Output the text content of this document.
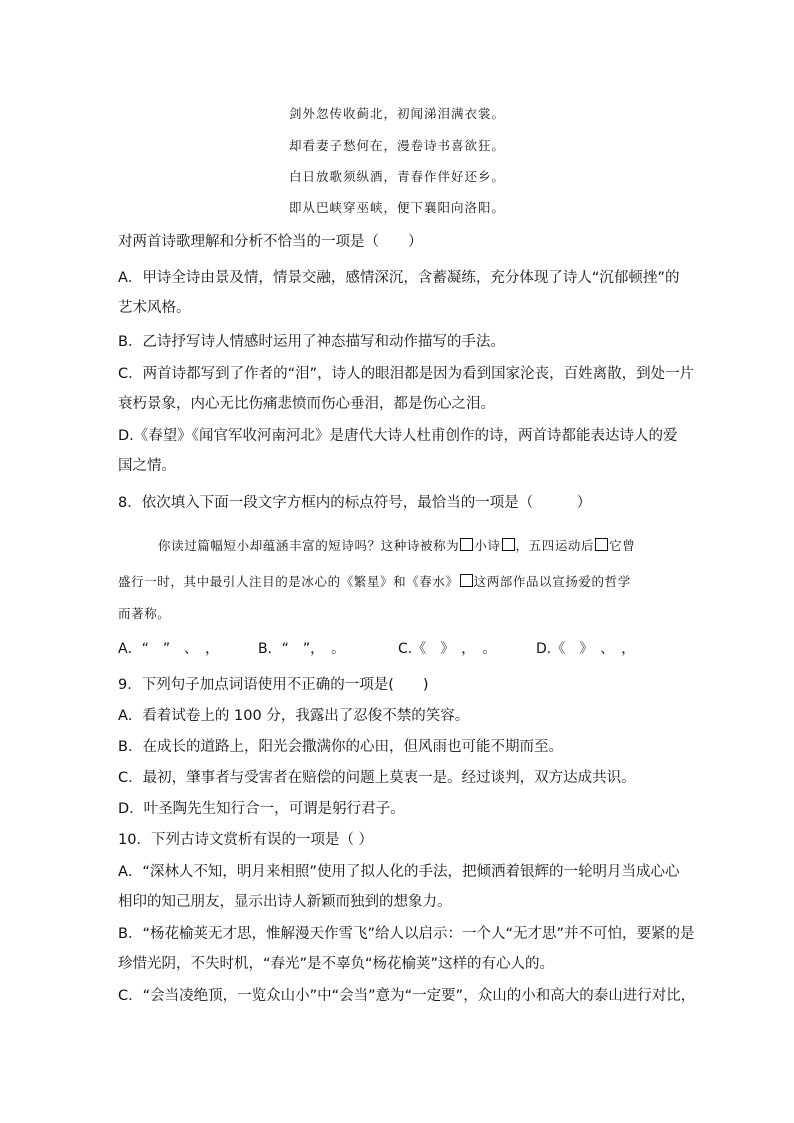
剑外忽传收蓟北，初闻涕泪满衣裳。
却看妻子愁何在，漫卷诗书喜欲狂。
白日放歌须纵酒，青春作伴好还乡。
即从巴峡穿巫峡，便下襄阳向洛阳。
对两首诗歌理解和分析不恰当的一项是（　　）
A．甲诗全诗由景及情，情景交融，感情深沉，含蓄凝练，充分体现了诗人“沉郁顿挫”的
艺术风格。
B．乙诗抒写诗人情感时运用了神态描写和动作描写的手法。
C．两首诗都写到了作者的“泪”，诗人的眼泪都是因为看到国家沦丧，百姓离散，到处一片
衰朽景象，内心无比伤痛悲愤而伤心垂泪，都是伤心之泪。
D.《春望》《闻官军收河南河北》是唐代大诗人杜甫创作的诗，两首诗都能表达诗人的爱
国之情。
8．依次填入下面一段文字方框内的标点符号，最恰当的一项是（　　　）
你读过篇幅短小却蕴涵丰富的短诗吗？这种诗被称为 小诗 ，五四运动后 它曾
盛行一时，其中最引人注目的是冰心的《繁星》和《春水》 这两部作品以宣扬爱的哲学
而著称。
A．“　”　、　，	B．“　”，　。	C.《　》　，　。	D.《　》　、　，
9．下列句子加点词语使用不正确的一项是(　　)
A．看着试卷上的 100 分，我露出了忍俊不禁的笑容。
B．在成长的道路上，阳光会撒满你的心田，但风雨也可能不期而至。
C．最初，肇事者与受害者在赔偿的问题上莫衷一是。经过谈判，双方达成共识。
D．叶圣陶先生知行合一，可谓是躬行君子。
10．下列古诗文赏析有误的一项是（ ）
A．“深林人不知，明月来相照”使用了拟人化的手法，把倾洒着银辉的一轮明月当成心心
相印的知己朋友，显示出诗人新颖而独到的想象力。
B．“杨花榆荚无才思，惟解漫天作雪飞”给人以启示：一个人“无才思”并不可怕，要紧的是
珍惜光阴，不失时机，“春光”是不辜负“杨花榆荚”这样的有心人的。
C．“会当凌绝顶，一览众山小”中“会当”意为“一定要”，众山的小和高大的泰山进行对比，
